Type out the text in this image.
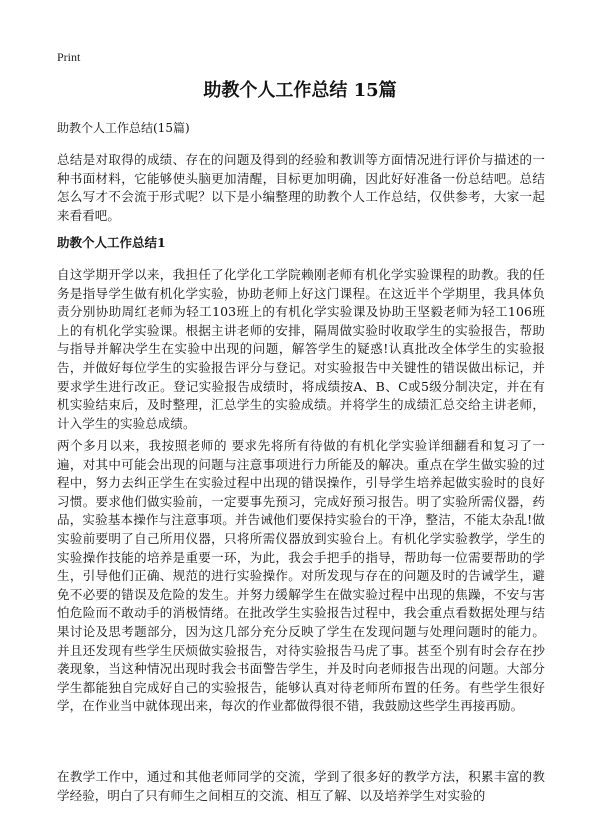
Print
助教个人工作总结 15篇

助教个人工作总结(15篇)

总结是对取得的成绩、存在的问题及得到的经验和教训等方面情况进行评价与描述的一种书面材料，它能够使头脑更加清醒，目标更加明确，因此好好准备一份总结吧。总结怎么写才不会流于形式呢？以下是小编整理的助教个人工作总结，仅供参考，大家一起来看看吧。

助教个人工作总结1

自这学期开学以来，我担任了化学化工学院赖刚老师有机化学实验课程的助教。我的任务是指导学生做有机化学实验，协助老师上好这门课程。在这近半个学期里，我具体负责分别协助周红老师为轻工103班上的有机化学实验课及协助王坚毅老师为轻工106班上的有机化学实验课。根据主讲老师的安排，隔周做实验时收取学生的实验报告，帮助与指导并解决学生在实验中出现的问题，解答学生的疑惑!认真批改全体学生的实验报告，并做好每位学生的实验报告评分与登记。对实验报告中关键性的错误做出标记，并要求学生进行改正。登记实验报告成绩时，将成绩按A、B、C或5级分制决定，并在有机实验结束后，及时整理，汇总学生的实验成绩。并将学生的成绩汇总交给主讲老师，计入学生的实验总成绩。

两个多月以来，我按照老师的 要求先将所有待做的有机化学实验详细翻看和复习了一遍，对其中可能会出现的问题与注意事项进行力所能及的解决。重点在学生做实验的过程中，努力去纠正学生在实验过程中出现的错误操作，引导学生培养起做实验时的良好习惯。要求他们做实验前，一定要事先预习，完成好预习报告。明了实验所需仪器，药品，实验基本操作与注意事项。并告诫他们要保持实验台的干净，整洁，不能太杂乱!做实验前要明了自己所用仪器，只将所需仪器放到实验台上。有机化学实验教学，学生的实验操作技能的培养是重要一环，为此，我会手把手的指导，帮助每一位需要帮助的学生，引导他们正确、规范的进行实验操作。对所发现与存在的问题及时的告诫学生，避免不必要的错误及危险的发生。并努力缓解学生在做实验过程中出现的焦躁，不安与害怕危险而不敢动手的消极情绪。在批改学生实验报告过程中，我会重点看数据处理与结果讨论及思考题部分，因为这几部分充分反映了学生在发现问题与处理问题时的能力。并且还发现有些学生厌烦做实验报告，对待实验报告马虎了事。甚至个别有时会存在抄袭现象，当这种情况出现时我会书面警告学生，并及时向老师报告出现的问题。大部分学生都能独自完成好自己的实验报告，能够认真对待老师所布置的任务。有些学生很好学，在作业当中就体现出来，每次的作业都做得很不错，我鼓励这些学生再接再励。

在教学工作中，通过和其他老师同学的交流，学到了很多好的教学方法，积累丰富的教学经验，明白了只有师生之间相互的交流、相互了解、以及培养学生对实验的
